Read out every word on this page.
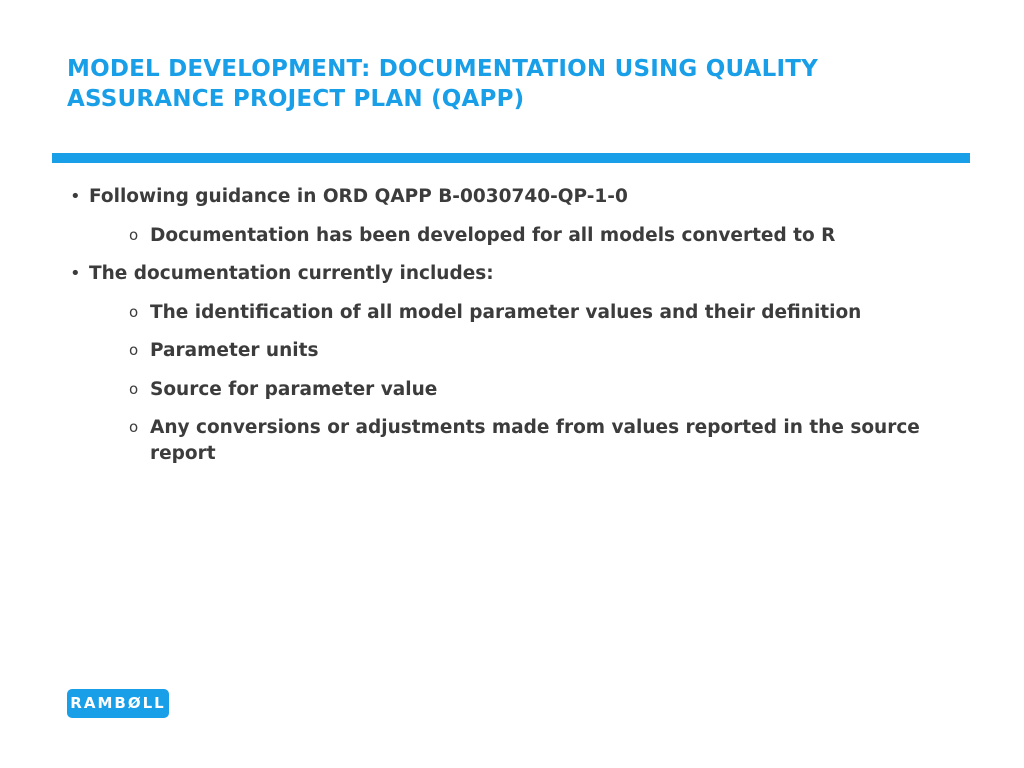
MODEL DEVELOPMENT: DOCUMENTATION USING QUALITY ASSURANCE PROJECT PLAN (QAPP)
• Following guidance in ORD QAPP B-0030740-QP-1-0
o Documentation has been developed for all models converted to R
• The documentation currently includes:
o The identification of all model parameter values and their definition
o Parameter units
o Source for parameter value
o Any conversions or adjustments made from values reported in the source report
RAMBØLL
